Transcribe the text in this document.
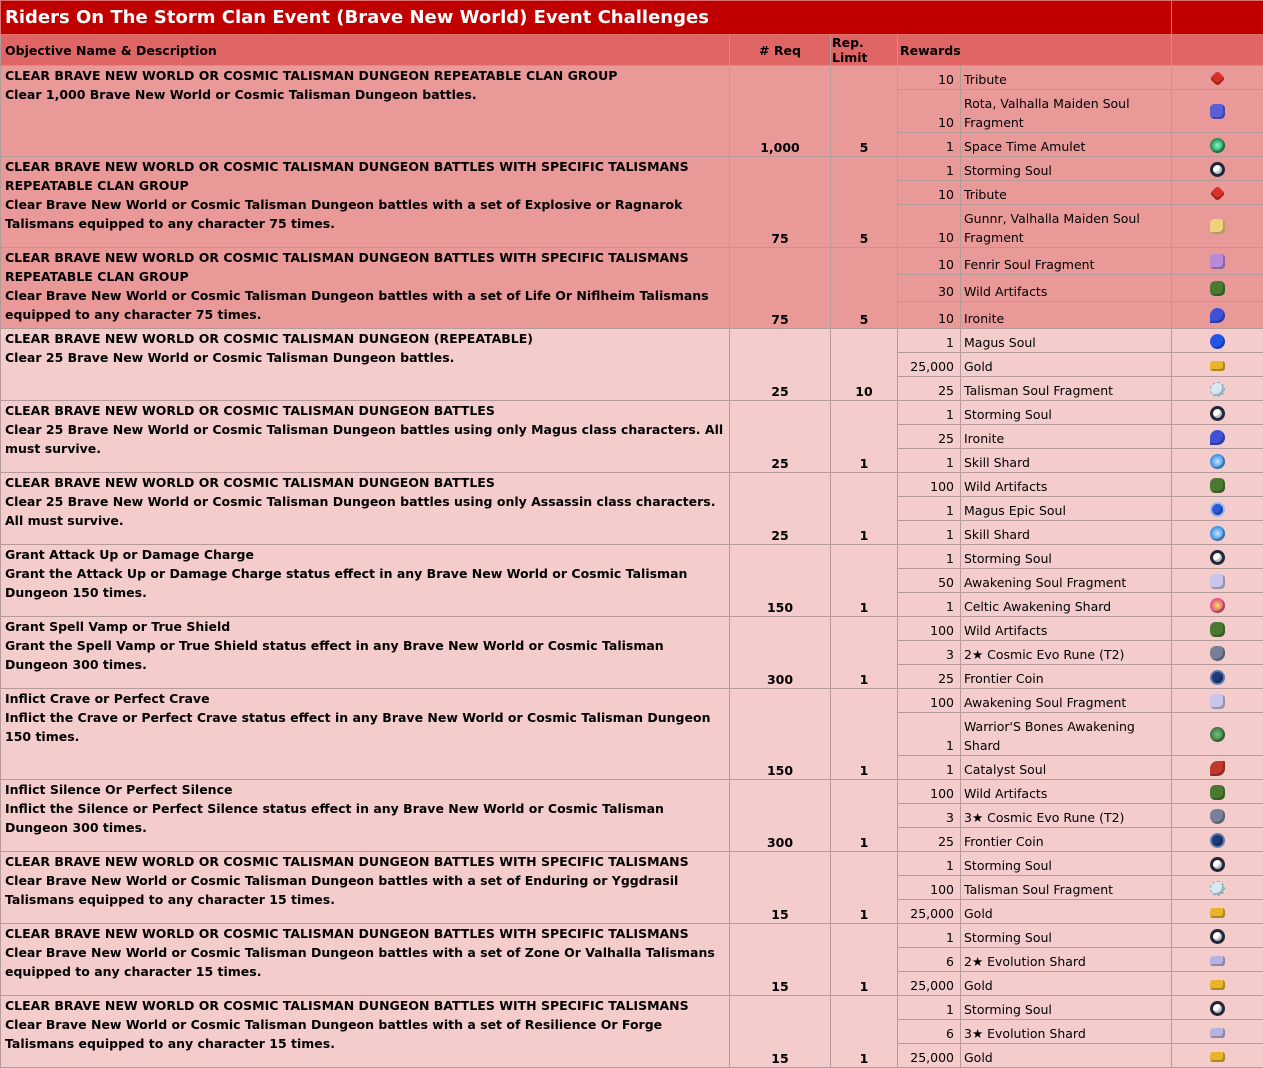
Riders On The Storm Clan Event (Brave New World) Event Challenges					
Objective Name & Description	# Req	Rep. Limit	Rewards		

CLEAR BRAVE NEW WORLD OR COSMIC TALISMAN DUNGEON REPEATABLE CLAN GROUP
Clear 1,000 Brave New World or Cosmic Talisman Dungeon battles.	1,000	5	10	Tribute	
			10	Rota, Valhalla Maiden Soul Fragment	
			1	Space Time Amulet	

CLEAR BRAVE NEW WORLD OR COSMIC TALISMAN DUNGEON BATTLES WITH SPECIFIC TALISMANS REPEATABLE CLAN GROUP
Clear Brave New World or Cosmic Talisman Dungeon battles with a set of Explosive or Ragnarok Talismans equipped to any character 75 times.	75	5	1	Storming Soul	
			10	Tribute	
			10	Gunnr, Valhalla Maiden Soul Fragment	

CLEAR BRAVE NEW WORLD OR COSMIC TALISMAN DUNGEON BATTLES WITH SPECIFIC TALISMANS REPEATABLE CLAN GROUP
Clear Brave New World or Cosmic Talisman Dungeon battles with a set of Life Or Niflheim Talismans equipped to any character 75 times.	75	5	10	Fenrir Soul Fragment	
			30	Wild Artifacts	
			10	Ironite	

CLEAR BRAVE NEW WORLD OR COSMIC TALISMAN DUNGEON (REPEATABLE)
Clear 25 Brave New World or Cosmic Talisman Dungeon battles.	25	10	1	Magus Soul	
			25,000	Gold	
			25	Talisman Soul Fragment	

CLEAR BRAVE NEW WORLD OR COSMIC TALISMAN DUNGEON BATTLES
Clear 25 Brave New World or Cosmic Talisman Dungeon battles using only Magus class characters. All must survive.	25	1	1	Storming Soul	
			25	Ironite	
			1	Skill Shard	

CLEAR BRAVE NEW WORLD OR COSMIC TALISMAN DUNGEON BATTLES
Clear 25 Brave New World or Cosmic Talisman Dungeon battles using only Assassin class characters. All must survive.	25	1	100	Wild Artifacts	
			1	Magus Epic Soul	
			1	Skill Shard	

Grant Attack Up or Damage Charge
Grant the Attack Up or Damage Charge status effect in any Brave New World or Cosmic Talisman Dungeon 150 times.	150	1	1	Storming Soul	
			50	Awakening Soul Fragment	
			1	Celtic Awakening Shard	

Grant Spell Vamp or True Shield
Grant the Spell Vamp or True Shield status effect in any Brave New World or Cosmic Talisman Dungeon 300 times.	300	1	100	Wild Artifacts	
			3	2★ Cosmic Evo Rune (T2)	
			25	Frontier Coin	

Inflict Crave or Perfect Crave
Inflict the Crave or Perfect Crave status effect in any Brave New World or Cosmic Talisman Dungeon 150 times.	150	1	100	Awakening Soul Fragment	
			1	Warrior'S Bones Awakening Shard	
			1	Catalyst Soul	

Inflict Silence Or Perfect Silence
Inflict the Silence or Perfect Silence status effect in any Brave New World or Cosmic Talisman Dungeon 300 times.	300	1	100	Wild Artifacts	
			3	3★ Cosmic Evo Rune (T2)	
			25	Frontier Coin	

CLEAR BRAVE NEW WORLD OR COSMIC TALISMAN DUNGEON BATTLES WITH SPECIFIC TALISMANS
Clear Brave New World or Cosmic Talisman Dungeon battles with a set of Enduring or Yggdrasil Talismans equipped to any character 15 times.	15	1	1	Storming Soul	
			100	Talisman Soul Fragment	
			25,000	Gold	

CLEAR BRAVE NEW WORLD OR COSMIC TALISMAN DUNGEON BATTLES WITH SPECIFIC TALISMANS
Clear Brave New World or Cosmic Talisman Dungeon battles with a set of Zone Or Valhalla Talismans equipped to any character 15 times.	15	1	1	Storming Soul	
			6	2★ Evolution Shard	
			25,000	Gold	

CLEAR BRAVE NEW WORLD OR COSMIC TALISMAN DUNGEON BATTLES WITH SPECIFIC TALISMANS
Clear Brave New World or Cosmic Talisman Dungeon battles with a set of Resilience Or Forge Talismans equipped to any character 15 times.	15	1	1	Storming Soul	
			6	3★ Evolution Shard	
			25,000	Gold	
